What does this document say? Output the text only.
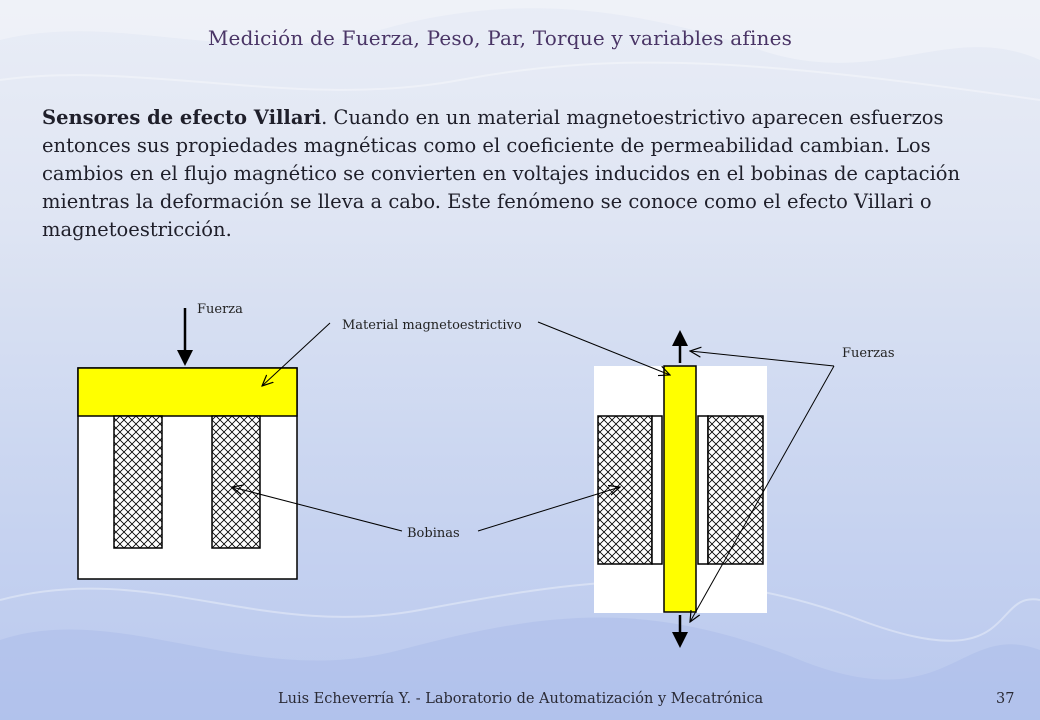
Medición de Fuerza, Peso, Par, Torque y variables afines
Sensores de efecto Villari. Cuando en un material magnetoestrictivo aparecen esfuerzos entonces sus propiedades magnéticas como el coeficiente de permeabilidad cambian. Los cambios en el flujo magnético se convierten en voltajes inducidos en el bobinas de captación mientras la deformación se lleva a cabo. Este fenómeno se conoce como el efecto Villari o magnetoestricción.
Fuerza
Material magnetoestrictivo
Fuerzas
Bobinas
Luis Echeverría Y. - Laboratorio de Automatización y Mecatrónica	37
